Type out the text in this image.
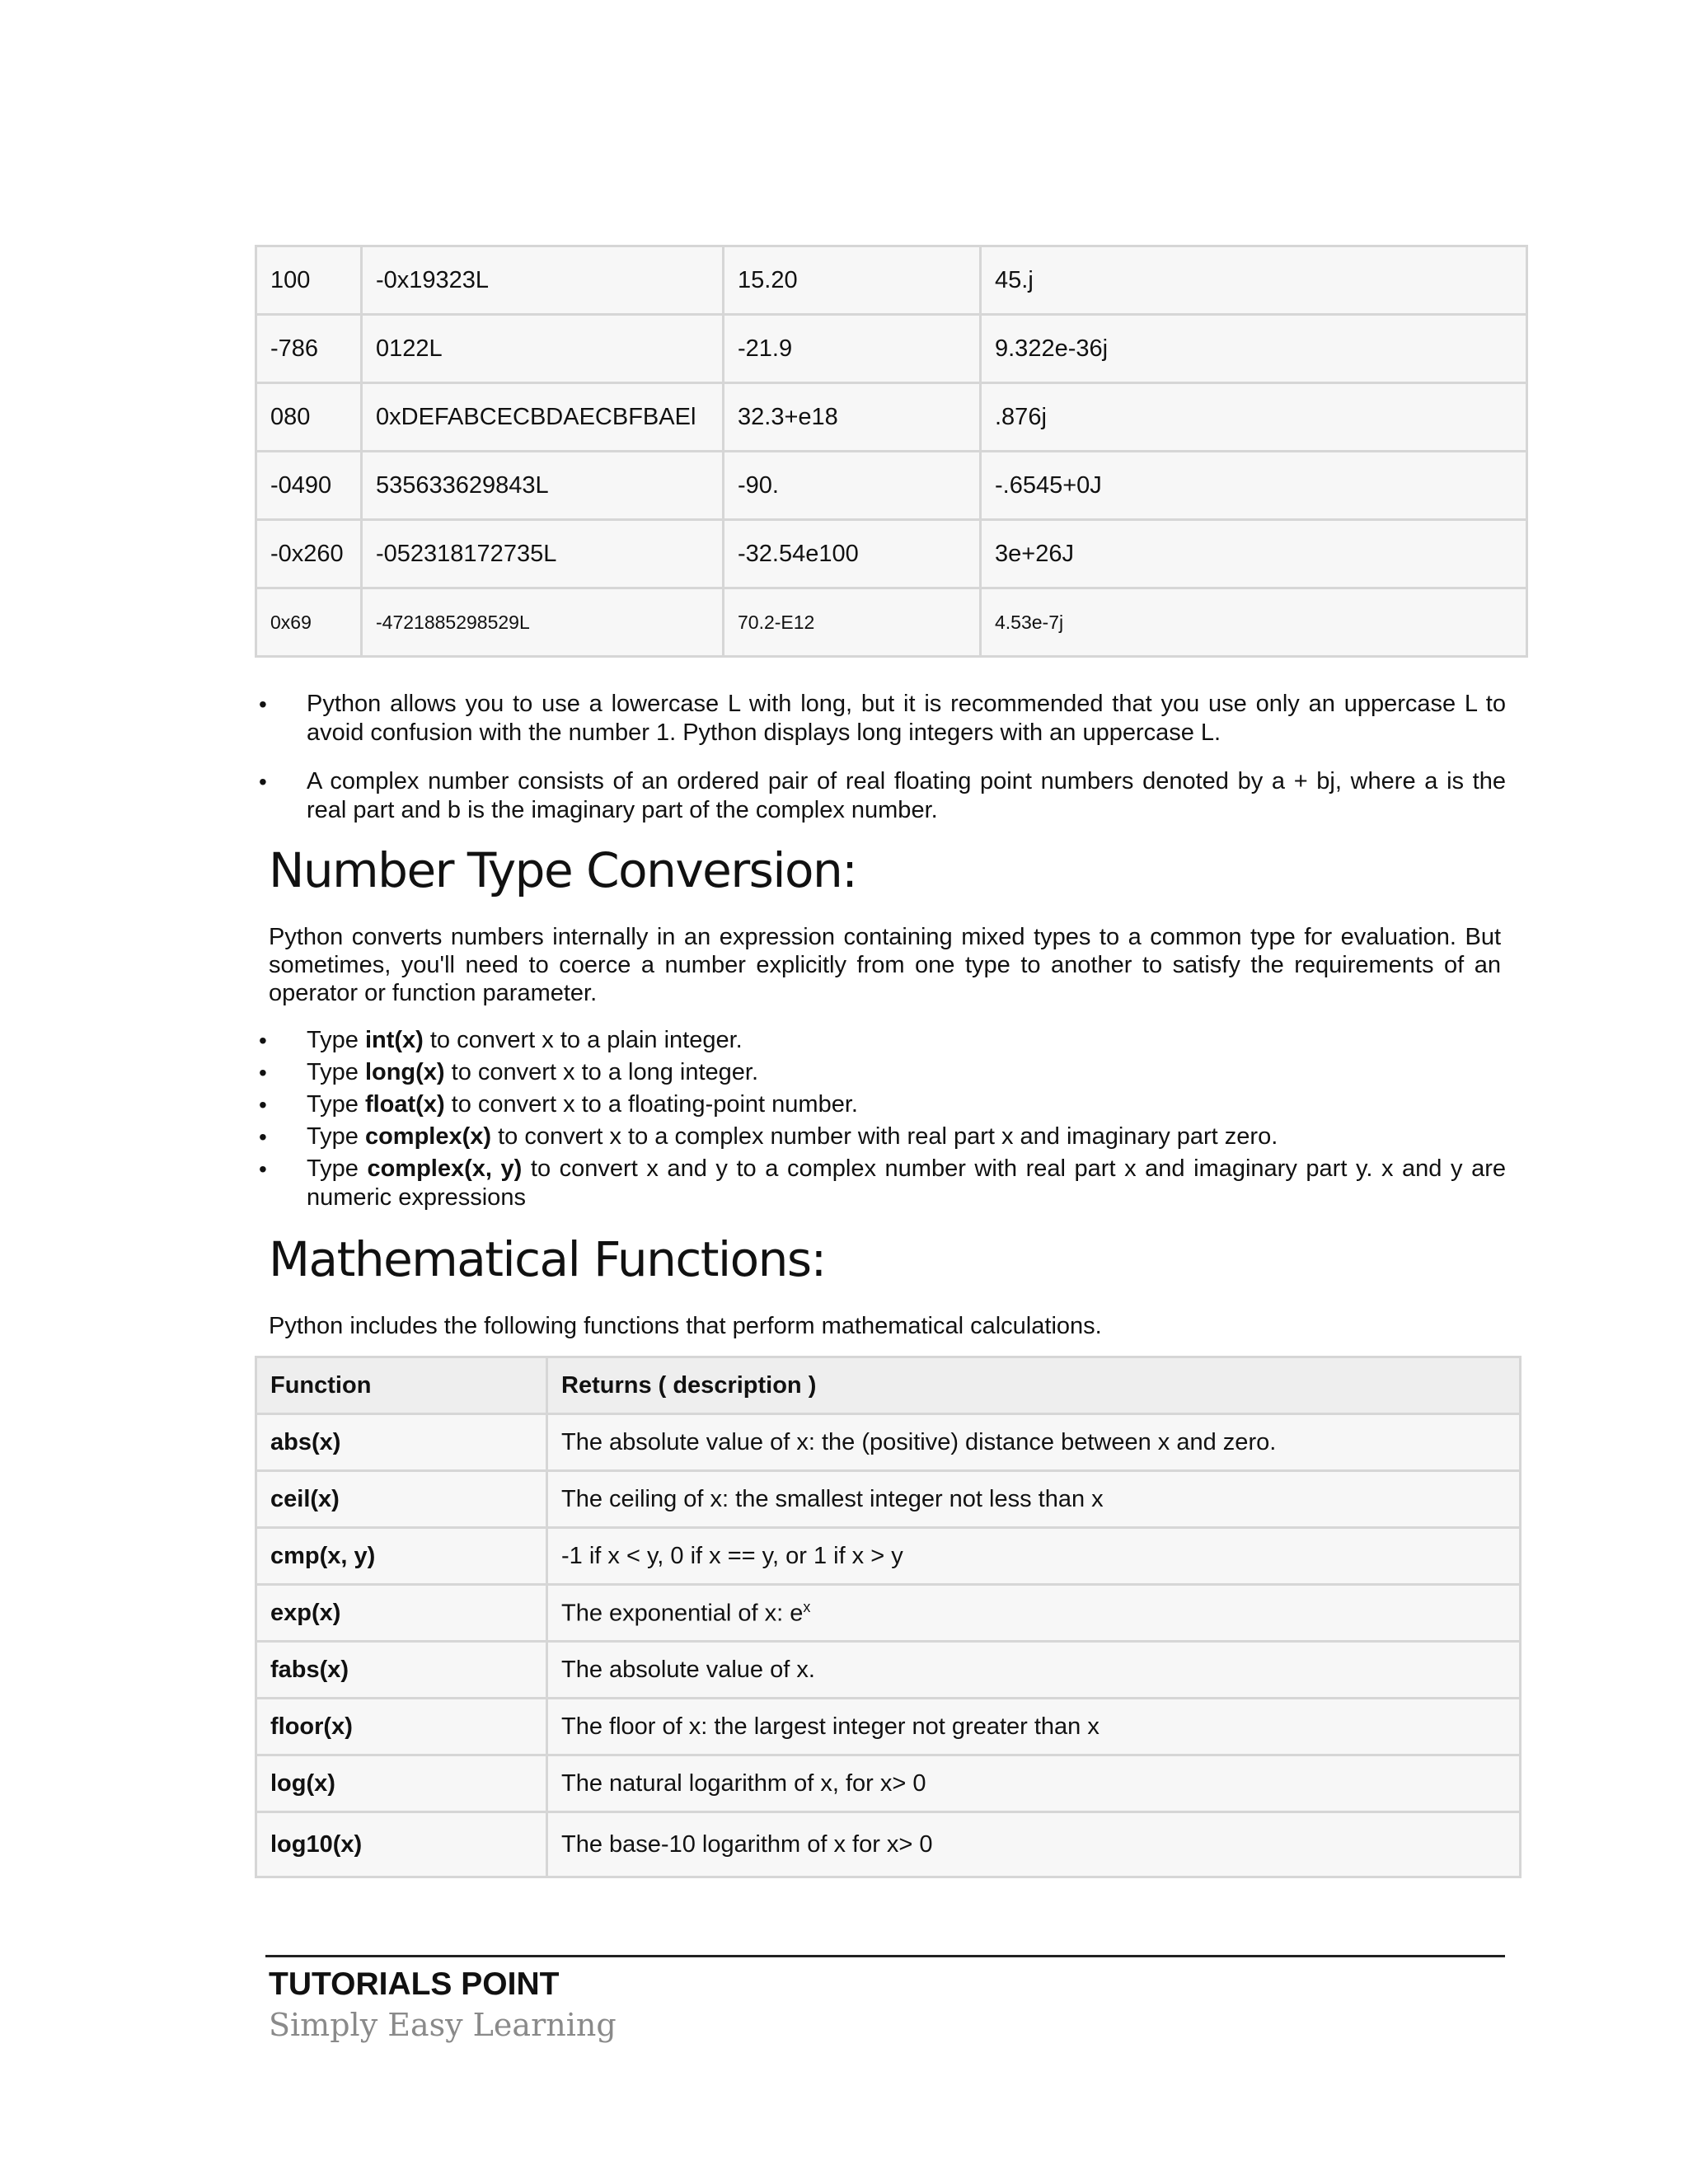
100	-0x19323L	15.20	45.j
-786	0122L	-21.9	9.322e-36j
080	0xDEFABCECBDAECBFBAEl	32.3+e18	.876j
-0490	535633629843L	-90.	-.6545+0J
-0x260	-052318172735L	-32.54e100	3e+26J
0x69	-4721885298529L	70.2-E12	4.53e-7j
• Python allows you to use a lowercase L with long, but it is recommended that you use only an uppercase L to avoid confusion with the number 1. Python displays long integers with an uppercase L.
• A complex number consists of an ordered pair of real floating point numbers denoted by a + bj, where a is the real part and b is the imaginary part of the complex number.
Number Type Conversion:

Python converts numbers internally in an expression containing mixed types to a common type for evaluation. But sometimes, you'll need to coerce a number explicitly from one type to another to satisfy the requirements of an operator or function parameter.

• Type int(x) to convert x to a plain integer.
• Type long(x) to convert x to a long integer.
• Type float(x) to convert x to a floating-point number.
• Type complex(x) to convert x to a complex number with real part x and imaginary part zero.
• Type complex(x, y) to convert x and y to a complex number with real part x and imaginary part y. x and y are numeric expressions
Mathematical Functions:

Python includes the following functions that perform mathematical calculations.

Function	Returns ( description )
abs(x)	The absolute value of x: the (positive) distance between x and zero.
ceil(x)	The ceiling of x: the smallest integer not less than x
cmp(x, y)	-1 if x < y, 0 if x == y, or 1 if x > y
exp(x)	The exponential of x: $e^x$
fabs(x)	The absolute value of x.
floor(x)	The floor of x: the largest integer not greater than x
log(x)	The natural logarithm of x, for x> 0
log10(x)	The base-10 logarithm of x for x> 0
TUTORIALS POINT
Simply Easy Learning
